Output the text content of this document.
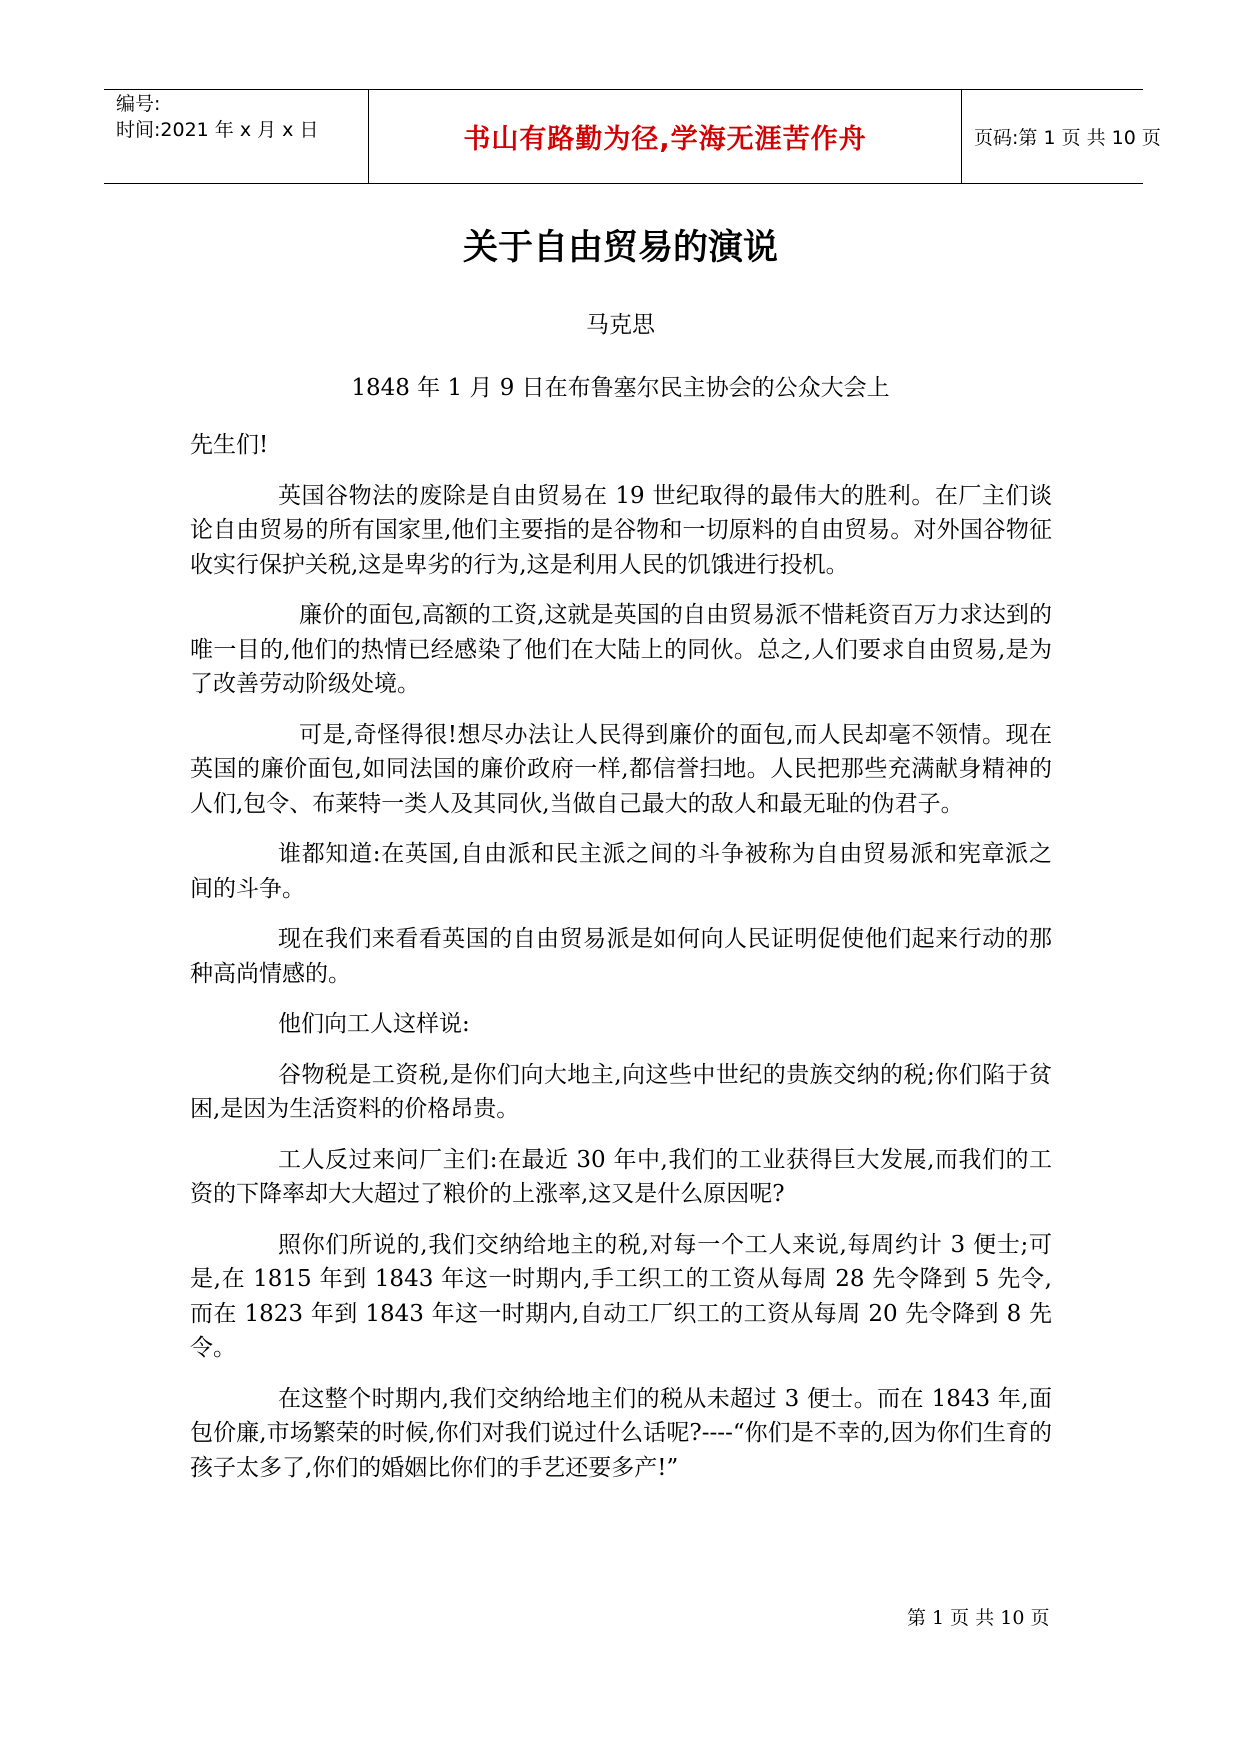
编号:
时间:2021 年 x 月 x 日	书山有路勤为径,学海无涯苦作舟	页码:第 1 页 共 10 页
关于自由贸易的演说
马克思
1848 年 1 月 9 日在布鲁塞尔民主协会的公众大会上

先生们!

英国谷物法的废除是自由贸易在 19 世纪取得的最伟大的胜利。在厂主们谈论自由贸易的所有国家里,他们主要指的是谷物和一切原料的自由贸易。对外国谷物征收实行保护关税,这是卑劣的行为,这是利用人民的饥饿进行投机。

廉价的面包,高额的工资,这就是英国的自由贸易派不惜耗资百万力求达到的唯一目的,他们的热情已经感染了他们在大陆上的同伙。总之,人们要求自由贸易,是为了改善劳动阶级处境。

可是,奇怪得很!想尽办法让人民得到廉价的面包,而人民却毫不领情。现在英国的廉价面包,如同法国的廉价政府一样,都信誉扫地。人民把那些充满献身精神的人们,包令、布莱特一类人及其同伙,当做自己最大的敌人和最无耻的伪君子。

谁都知道:在英国,自由派和民主派之间的斗争被称为自由贸易派和宪章派之间的斗争。

现在我们来看看英国的自由贸易派是如何向人民证明促使他们起来行动的那种高尚情感的。

他们向工人这样说:

谷物税是工资税,是你们向大地主,向这些中世纪的贵族交纳的税;你们陷于贫困,是因为生活资料的价格昂贵。

工人反过来问厂主们:在最近 30 年中,我们的工业获得巨大发展,而我们的工资的下降率却大大超过了粮价的上涨率,这又是什么原因呢?

照你们所说的,我们交纳给地主的税,对每一个工人来说,每周约计 3 便士;可是,在 1815 年到 1843 年这一时期内,手工织工的工资从每周 28 先令降到 5 先令,而在 1823 年到 1843 年这一时期内,自动工厂织工的工资从每周 20 先令降到 8 先令。

在这整个时期内,我们交纳给地主们的税从未超过 3 便士。而在 1843 年,面包价廉,市场繁荣的时候,你们对我们说过什么话呢?----“你们是不幸的,因为你们生育的孩子太多了,你们的婚姻比你们的手艺还要多产!”

第 1 页 共 10 页
